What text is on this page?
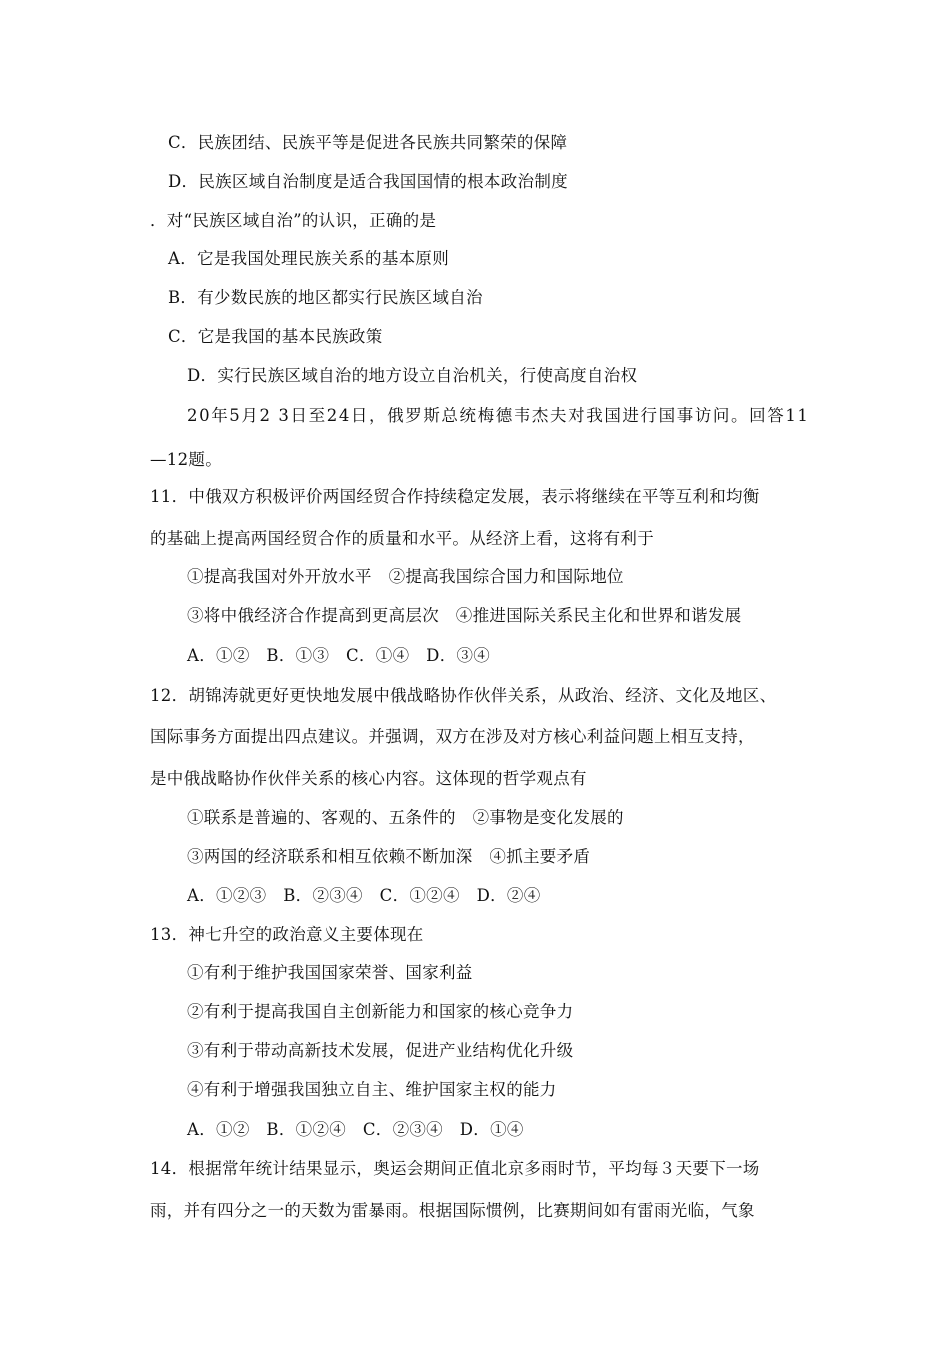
C．民族团结、民族平等是促进各民族共同繁荣的保障
D．民族区域自治制度是适合我国国情的根本政治制度
．对“民族区域自治”的认识，正确的是
A．它是我国处理民族关系的基本原则
B．有少数民族的地区都实行民族区域自治
C．它是我国的基本民族政策
D．实行民族区域自治的地方设立自治机关，行使高度自治权
20年5月2 3日至24日，俄罗斯总统梅德韦杰夫对我国进行国事访问。回答11
—12题。
11．中俄双方积极评价两国经贸合作持续稳定发展，表示将继续在平等互利和均衡
的基础上提高两国经贸合作的质量和水平。从经济上看，这将有利于
①提高我国对外开放水平　②提高我国综合国力和国际地位
③将中俄经济合作提高到更高层次　④推进国际关系民主化和世界和谐发展
A．①②　B．①③　C．①④　D．③④
12．胡锦涛就更好更快地发展中俄战略协作伙伴关系，从政治、经济、文化及地区、
国际事务方面提出四点建议。并强调，双方在涉及对方核心利益问题上相互支持，
是中俄战略协作伙伴关系的核心内容。这体现的哲学观点有
①联系是普遍的、客观的、五条件的　②事物是变化发展的
③两国的经济联系和相互依赖不断加深　④抓主要矛盾
A．①②③　B．②③④　C．①②④　D．②④
13．神七升空的政治意义主要体现在
①有利于维护我国国家荣誉、国家利益
②有利于提高我国自主创新能力和国家的核心竞争力
③有利于带动高新技术发展，促进产业结构优化升级
④有利于增强我国独立自主、维护国家主权的能力
A．①②　B．①②④　C．②③④　D．①④
14．根据常年统计结果显示，奥运会期间正值北京多雨时节，平均每３天要下一场
雨，并有四分之一的天数为雷暴雨。根据国际惯例，比赛期间如有雷雨光临，气象
